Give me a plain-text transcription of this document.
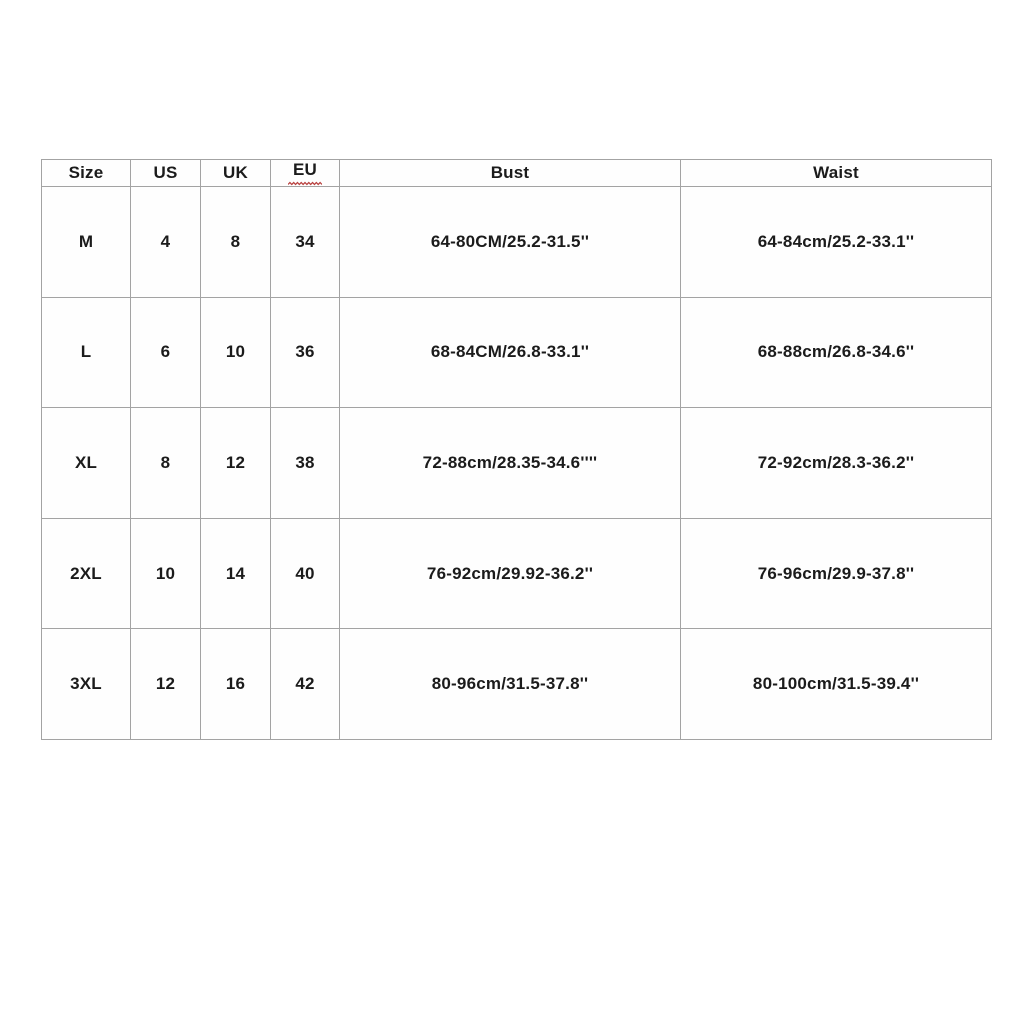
Size	US	UK	EU	Bust	Waist
M	4	8	34	64-80CM/25.2-31.5''	64-84cm/25.2-33.1''
L	6	10	36	68-84CM/26.8-33.1''	68-88cm/26.8-34.6''
XL	8	12	38	72-88cm/28.35-34.6''''	72-92cm/28.3-36.2''
2XL	10	14	40	76-92cm/29.92-36.2''	76-96cm/29.9-37.8''
3XL	12	16	42	80-96cm/31.5-37.8''	80-100cm/31.5-39.4''
